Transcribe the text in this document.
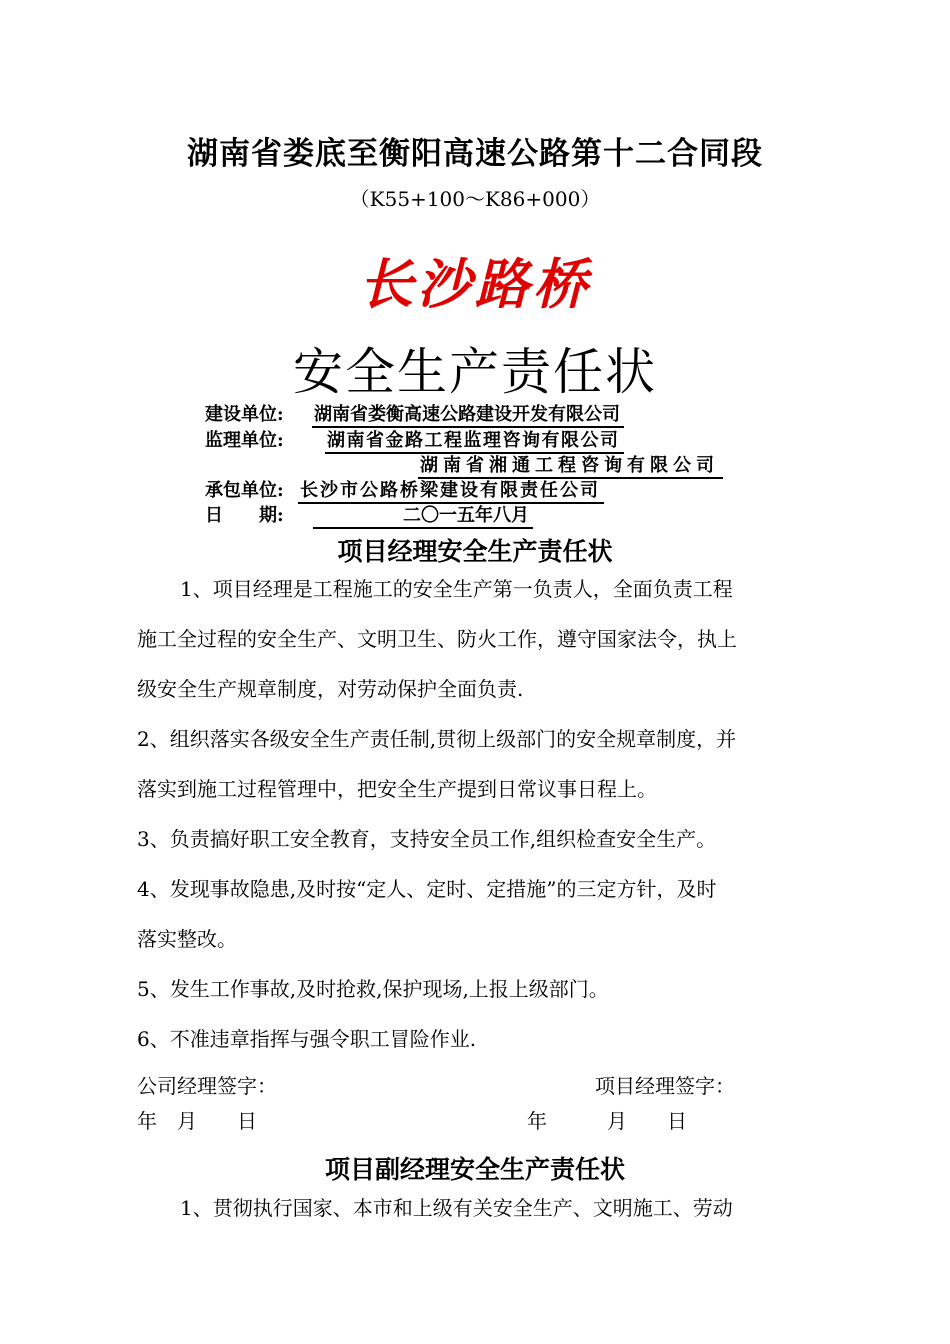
湖南省娄底至衡阳高速公路第十二合同段
（K55+100～K86+000）
长沙路桥
安全生产责任状
建设单位: 湖南省娄衡高速公路建设开发有限公司
监理单位: 湖南省金路工程监理咨询有限公司
湖南省湘通工程咨询有限公司
承包单位: 长沙市公路桥梁建设有限责任公司
日　　期:	二〇一五年八月
项目经理安全生产责任状
1、项目经理是工程施工的安全生产第一负责人，全面负责工程
施工全过程的安全生产、文明卫生、防火工作，遵守国家法令，执上
级安全生产规章制度，对劳动保护全面负责.
2、组织落实各级安全生产责任制,贯彻上级部门的安全规章制度，并
落实到施工过程管理中，把安全生产提到日常议事日程上。
3、负责搞好职工安全教育，支持安全员工作,组织检查安全生产。
4、发现事故隐患,及时按“定人、定时、定措施”的三定方针，及时
落实整改。
5、发生工作事故,及时抢救,保护现场,上报上级部门。
6、不准违章指挥与强令职工冒险作业.
公司经理签字：	项目经理签字：
年　月　　日	年　　　月　　日
项目副经理安全生产责任状
1、贯彻执行国家、本市和上级有关安全生产、文明施工、劳动
